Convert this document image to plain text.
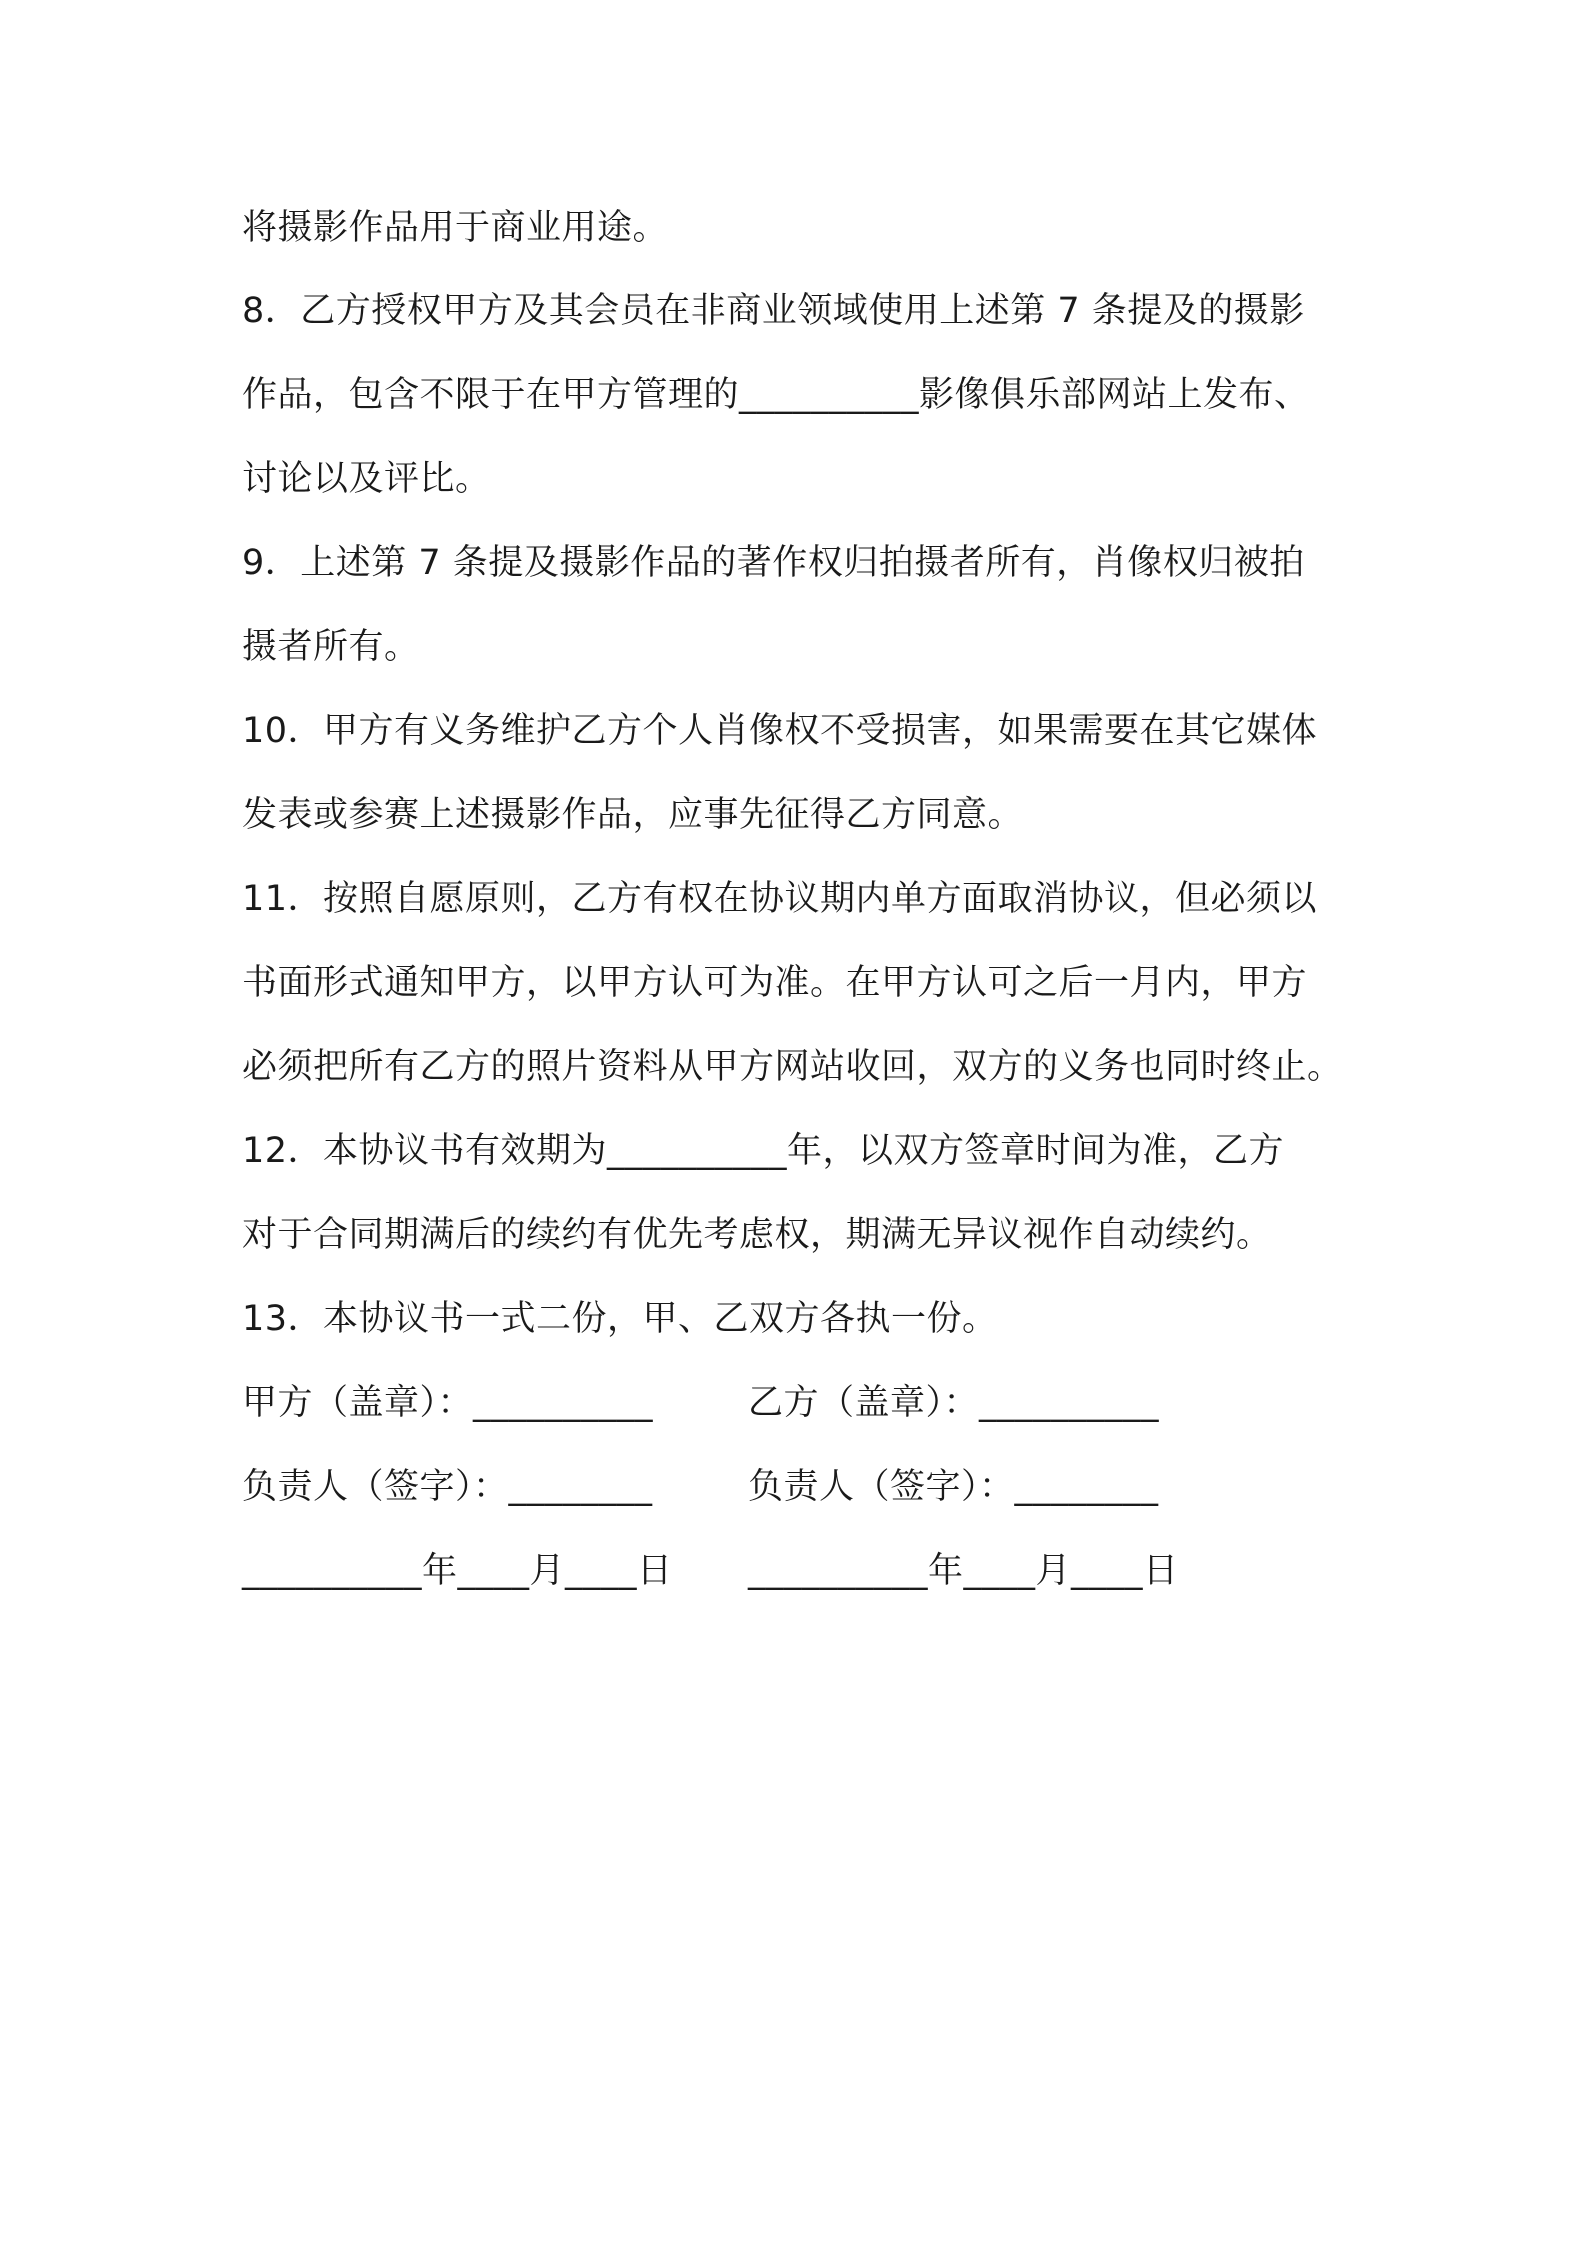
将摄影作品用于商业用途。
8．乙方授权甲方及其会员在非商业领域使用上述第 7 条提及的摄影
作品，包含不限于在甲方管理的__________影像俱乐部网站上发布、
讨论以及评比。
9．上述第 7 条提及摄影作品的著作权归拍摄者所有，肖像权归被拍
摄者所有。
10．甲方有义务维护乙方个人肖像权不受损害，如果需要在其它媒体
发表或参赛上述摄影作品，应事先征得乙方同意。
11．按照自愿原则，乙方有权在协议期内单方面取消协议，但必须以
书面形式通知甲方，以甲方认可为准。在甲方认可之后一月内，甲方
必须把所有乙方的照片资料从甲方网站收回，双方的义务也同时终止。
12．本协议书有效期为__________年，以双方签章时间为准，乙方
对于合同期满后的续约有优先考虑权，期满无异议视作自动续约。
13．本协议书一式二份，甲、乙双方各执一份。
甲方（盖章）：__________	乙方（盖章）：__________
负责人（签字）：________	负责人（签字）：________
__________年____月____日 __________年____月____日
